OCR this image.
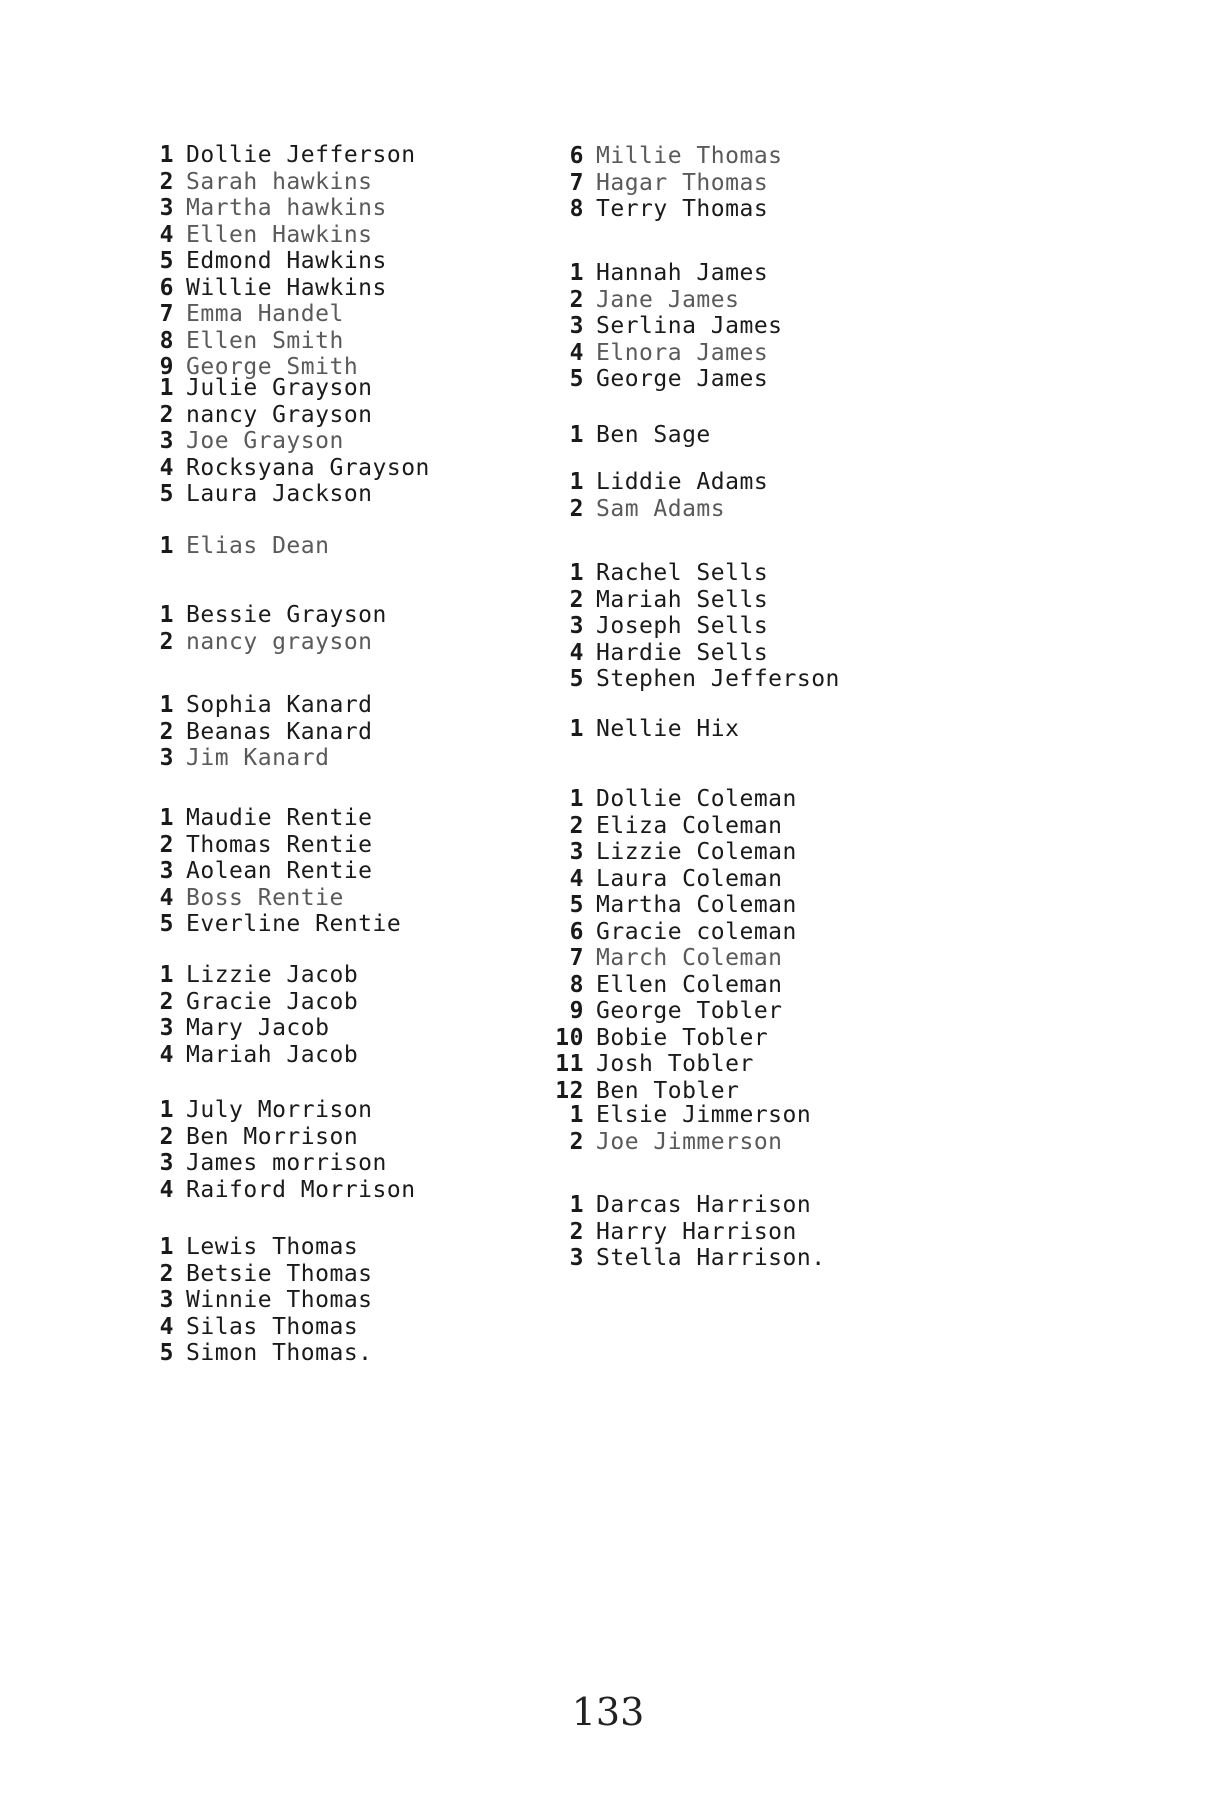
1 Dollie Jefferson
2 Sarah hawkins
3 Martha hawkins
4 Ellen Hawkins
5 Edmond Hawkins
6 Willie Hawkins
7 Emma Handel
8 Ellen Smith
9 George Smith
1 Julie Grayson
2 nancy Grayson
3 Joe Grayson
4 Rocksyana Grayson
5 Laura Jackson
1 Elias Dean
1 Bessie Grayson
2 nancy grayson
1 Sophia Kanard
2 Beanas Kanard
3 Jim Kanard
1 Maudie Rentie
2 Thomas Rentie
3 Aolean Rentie
4 Boss Rentie
5 Everline Rentie
1 Lizzie Jacob
2 Gracie Jacob
3 Mary Jacob
4 Mariah Jacob
1 July Morrison
2 Ben Morrison
3 James morrison
4 Raiford Morrison
1 Lewis Thomas
2 Betsie Thomas
3 Winnie Thomas
4 Silas Thomas
5 Simon Thomas.
6 Millie Thomas
7 Hagar Thomas
8 Terry Thomas
1 Hannah James
2 Jane James
3 Serlina James
4 Elnora James
5 George James
1 Ben Sage
1 Liddie Adams
2 Sam Adams
1 Rachel Sells
2 Mariah Sells
3 Joseph Sells
4 Hardie Sells
5 Stephen Jefferson
1 Nellie Hix
1 Dollie Coleman
2 Eliza Coleman
3 Lizzie Coleman
4 Laura Coleman
5 Martha Coleman
6 Gracie coleman
7 March Coleman
8 Ellen Coleman
9 George Tobler
10 Bobie Tobler
11 Josh Tobler
12 Ben Tobler
1 Elsie Jimmerson
2 Joe Jimmerson
1 Darcas Harrison
2 Harry Harrison
3 Stella Harrison.
133
